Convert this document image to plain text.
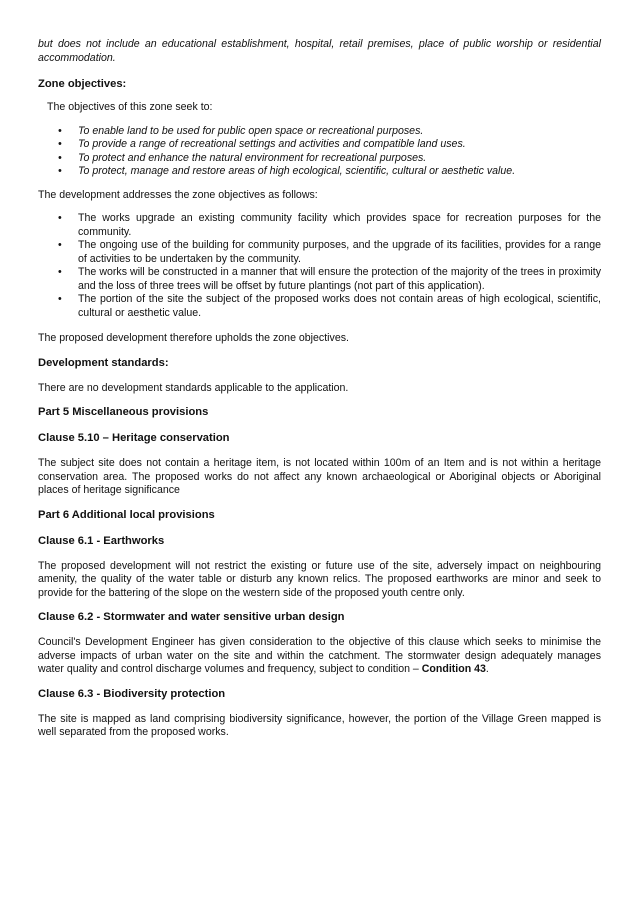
but does not include an educational establishment, hospital, retail premises, place of public worship or residential accommodation.

Zone objectives:

The objectives of this zone seek to:

• To enable land to be used for public open space or recreational purposes.
• To provide a range of recreational settings and activities and compatible land uses.
• To protect and enhance the natural environment for recreational purposes.
• To protect, manage and restore areas of high ecological, scientific, cultural or aesthetic value.

The development addresses the zone objectives as follows:

• The works upgrade an existing community facility which provides space for recreation purposes for the community.
• The ongoing use of the building for community purposes, and the upgrade of its facilities, provides for a range of activities to be undertaken by the community.
• The works will be constructed in a manner that will ensure the protection of the majority of the trees in proximity and the loss of three trees will be offset by future plantings (not part of this application).
• The portion of the site the subject of the proposed works does not contain areas of high ecological, scientific, cultural or aesthetic value.

The proposed development therefore upholds the zone objectives.

Development standards:

There are no development standards applicable to the application.

Part 5 Miscellaneous provisions
Clause 5.10 – Heritage conservation

The subject site does not contain a heritage item, is not located within 100m of an Item and is not within a heritage conservation area. The proposed works do not affect any known archaeological or Aboriginal objects or Aboriginal places of heritage significance

Part 6 Additional local provisions
Clause 6.1 - Earthworks

The proposed development will not restrict the existing or future use of the site, adversely impact on neighbouring amenity, the quality of the water table or disturb any known relics. The proposed earthworks are minor and seek to provide for the battering of the slope on the western side of the proposed youth centre only.

Clause 6.2 - Stormwater and water sensitive urban design

Council's Development Engineer has given consideration to the objective of this clause which seeks to minimise the adverse impacts of urban water on the site and within the catchment. The stormwater design adequately manages water quality and control discharge volumes and frequency, subject to condition – Condition 43.

Clause 6.3 - Biodiversity protection

The site is mapped as land comprising biodiversity significance, however, the portion of the Village Green mapped is well separated from the proposed works.
